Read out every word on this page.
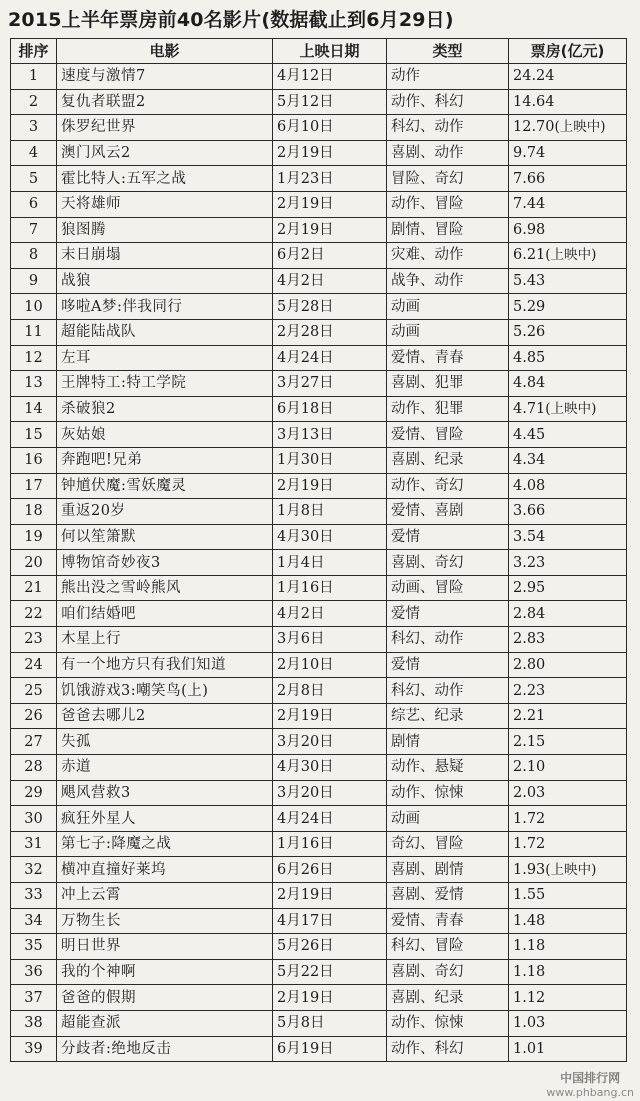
2015上半年票房前40名影片(数据截止到6月29日)
排序	电影	上映日期	类型	票房(亿元)
1	速度与激情7	4月12日	动作	24.24
2	复仇者联盟2	5月12日	动作、科幻	14.64
3	侏罗纪世界	6月10日	科幻、动作	12.70(上映中)
4	澳门风云2	2月19日	喜剧、动作	9.74
5	霍比特人:五军之战	1月23日	冒险、奇幻	7.66
6	天将雄师	2月19日	动作、冒险	7.44
7	狼图腾	2月19日	剧情、冒险	6.98
8	末日崩塌	6月2日	灾难、动作	6.21(上映中)
9	战狼	4月2日	战争、动作	5.43
10	哆啦A梦:伴我同行	5月28日	动画	5.29
11	超能陆战队	2月28日	动画	5.26
12	左耳	4月24日	爱情、青春	4.85
13	王牌特工:特工学院	3月27日	喜剧、犯罪	4.84
14	杀破狼2	6月18日	动作、犯罪	4.71(上映中)
15	灰姑娘	3月13日	爱情、冒险	4.45
16	奔跑吧!兄弟	1月30日	喜剧、纪录	4.34
17	钟馗伏魔:雪妖魔灵	2月19日	动作、奇幻	4.08
18	重返20岁	1月8日	爱情、喜剧	3.66
19	何以笙箫默	4月30日	爱情	3.54
20	博物馆奇妙夜3	1月4日	喜剧、奇幻	3.23
21	熊出没之雪岭熊风	1月16日	动画、冒险	2.95
22	咱们结婚吧	4月2日	爱情	2.84
23	木星上行	3月6日	科幻、动作	2.83
24	有一个地方只有我们知道	2月10日	爱情	2.80
25	饥饿游戏3:嘲笑鸟(上)	2月8日	科幻、动作	2.23
26	爸爸去哪儿2	2月19日	综艺、纪录	2.21
27	失孤	3月20日	剧情	2.15
28	赤道	4月30日	动作、悬疑	2.10
29	飓风营救3	3月20日	动作、惊悚	2.03
30	疯狂外星人	4月24日	动画	1.72
31	第七子:降魔之战	1月16日	奇幻、冒险	1.72
32	横冲直撞好莱坞	6月26日	喜剧、剧情	1.93(上映中)
33	冲上云霄	2月19日	喜剧、爱情	1.55
34	万物生长	4月17日	爱情、青春	1.48
35	明日世界	5月26日	科幻、冒险	1.18
36	我的个神啊	5月22日	喜剧、奇幻	1.18
37	爸爸的假期	2月19日	喜剧、纪录	1.12
38	超能查派	5月8日	动作、惊悚	1.03
39	分歧者:绝地反击	6月19日	动作、科幻	1.01
中国排行网
www.phbang.cn
